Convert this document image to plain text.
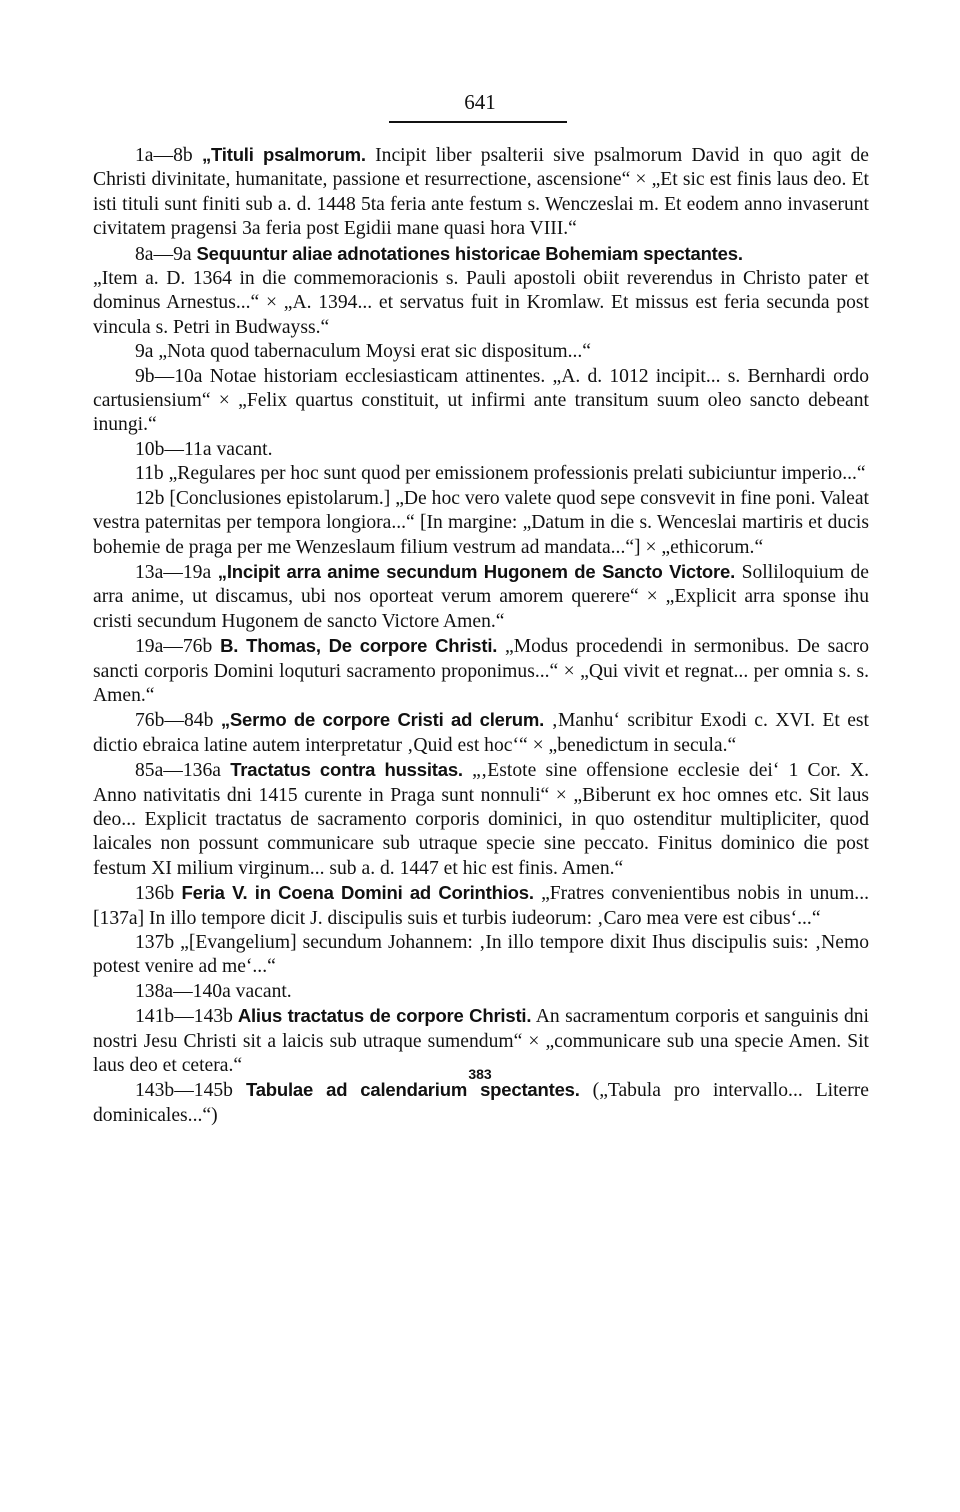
641

1a—8b „Tituli psalmorum. Incipit liber psalterii sive psalmorum David in quo agit de Christi divinitate, humanitate, passione et resurrectione, ascensione“ × „Et sic est finis laus deo. Et isti tituli sunt finiti sub a. d. 1448 5ta feria ante festum s. Wenczeslai m. Et eodem anno invaserunt civitatem pragensi 3a feria post Egidii mane quasi hora VIII.“

8a—9a Sequuntur aliae adnotationes historicae Bohemiam spectantes.

„Item a. D. 1364 in die commemoracionis s. Pauli apostoli obiit reverendus in Christo pater et dominus Arnestus...“ × „A. 1394... et servatus fuit in Kromlaw. Et missus est feria secunda post vincula s. Petri in Budwayss.“

9a „Nota quod tabernaculum Moysi erat sic dispositum...“

9b—10a Notae historiam ecclesiasticam attinentes. „A. d. 1012 incipit... s. Bernhardi ordo cartusiensium“ × „Felix quartus constituit, ut infirmi ante transitum suum oleo sancto debeant inungi.“

10b—11a vacant.

11b „Regulares per hoc sunt quod per emissionem professionis prelati subiciuntur imperio...“

12b [Conclusiones epistolarum.] „De hoc vero valete quod sepe consvevit in fine poni. Valeat vestra paternitas per tempora longiora...“ [In margine: „Datum in die s. Wenceslai martiris et ducis bohemie de praga per me Wenzeslaum filium vestrum ad mandata...“] × „ethicorum.“

13a—19a „Incipit arra anime secundum Hugonem de Sancto Victore. Solliloquium de arra anime, ut discamus, ubi nos oporteat verum amorem querere“ × „Explicit arra sponse ihu cristi secundum Hugonem de sancto Victore Amen.“

19a—76b B. Thomas, De corpore Christi. „Modus procedendi in sermonibus. De sacro sancti corporis Domini loquturi sacramento proponimus...“ × „Qui vivit et regnat... per omnia s. s. Amen.“

76b—84b „Sermo de corpore Cristi ad clerum. ‚Manhu‘ scribitur Exodi c. XVI. Et est dictio ebraica latine autem interpretatur ‚Quid est hoc‘“ × „benedictum in secula.“

85a—136a Tractatus contra hussitas. „‚Estote sine offensione ecclesie dei‘ 1 Cor. X. Anno nativitatis dni 1415 curente in Praga sunt nonnuli“ × „Biberunt ex hoc omnes etc. Sit laus deo... Explicit tractatus de sacramento corporis dominici, in quo ostenditur multipliciter, quod laicales non possunt communicare sub utraque specie sine peccato. Finitus dominico die post festum XI milium virginum... sub a. d. 1447 et hic est finis. Amen.“

136b Feria V. in Coena Domini ad Corinthios. „Fratres convenientibus nobis in unum... [137a] In illo tempore dicit J. discipulis suis et turbis iudeorum: ‚Caro mea vere est cibus‘...“

137b „[Evangelium] secundum Johannem: ‚In illo tempore dixit Ihus discipulis suis: ‚Nemo potest venire ad me‘...“

138a—140a vacant.

141b—143b Alius tractatus de corpore Christi. An sacramentum corporis et sanguinis dni nostri Jesu Christi sit a laicis sub utraque sumendum“ × „communicare sub una specie Amen. Sit laus deo et cetera.“

143b—145b Tabulae ad calendarium spectantes. („Tabula pro intervallo... Literre dominicales...“)

383
